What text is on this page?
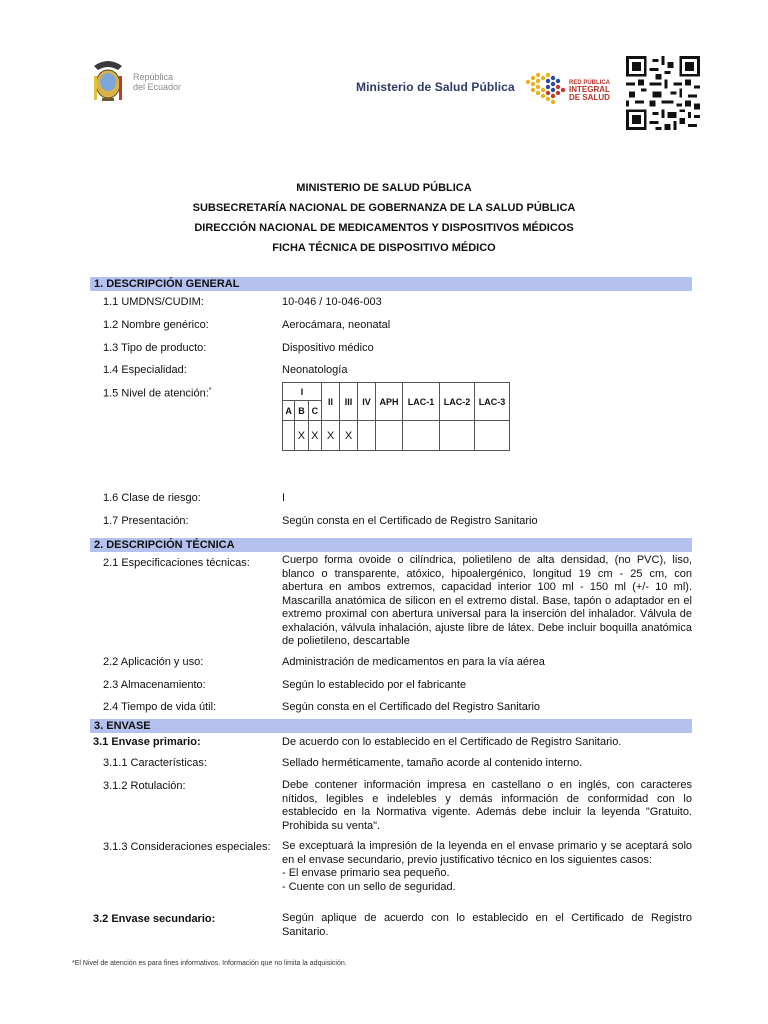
República
del Ecuador	Ministerio de Salud Pública	RED PÚBLICA
INTEGRAL
DE SALUD
MINISTERIO DE SALUD PÚBLICA
SUBSECRETARÍA NACIONAL DE GOBERNANZA DE LA SALUD PÚBLICA
DIRECCIÓN NACIONAL DE MEDICAMENTOS Y DISPOSITIVOS MÉDICOS
FICHA TÉCNICA DE DISPOSITIVO MÉDICO
1. DESCRIPCIÓN GENERAL
1.1 UMDNS/CUDIM:	10-046 / 10-046-003
1.2 Nombre genérico:	Aerocámara, neonatal
1.3 Tipo de producto:	Dispositivo médico
1.4 Especialidad:	Neonatología
1.5 Nivel de atención:*	I			II	III	IV	APH	LAC-1	LAC-2	LAC-3
A	B	C							
	X	X	X	X					
1.6 Clase de riesgo:	I
1.7 Presentación:	Según consta en el Certificado de Registro Sanitario
2. DESCRIPCIÓN TÉCNICA
2.1 Especificaciones técnicas:	Cuerpo forma ovoide o cilíndrica, polietileno de alta densidad, (no PVC), liso, blanco o transparente, atóxico, hipoalergénico, longitud 19 cm - 25 cm, con abertura en ambos extremos, capacidad interior 100 ml - 150 ml (+/- 10 ml). Mascarilla anatómica de silicon en el extremo distal. Base, tapón o adaptador en el extremo proximal con abertura universal para la inserción del inhalador. Válvula de exhalación, válvula inhalación, ajuste libre de látex. Debe incluir boquilla anatómica de polietileno, descartable
2.2 Aplicación y uso:	Administración de medicamentos en para la vía aérea
2.3 Almacenamiento:	Según lo establecido por el fabricante
2.4 Tiempo de vida útil:	Según consta en el Certificado del Registro Sanitario
3. ENVASE
3.1 Envase primario:	De acuerdo con lo establecido en el Certificado de Registro Sanitario.
3.1.1 Características:	Sellado herméticamente, tamaño acorde al contenido interno.
3.1.2 Rotulación:	Debe contener información impresa en castellano o en inglés, con caracteres nítidos, legibles e indelebles y demás información de conformidad con lo establecido en la Normativa vigente. Además debe incluir la leyenda "Gratuito. Prohibida su venta".
3.1.3 Consideraciones especiales: Se exceptuará la impresión de la leyenda en el envase primario y se aceptará solo en el envase secundario, previo justificativo técnico en los siguientes casos:
- El envase primario sea pequeño.
- Cuente con un sello de seguridad.
3.2 Envase secundario:	Según aplique de acuerdo con lo establecido en el Certificado de Registro Sanitario.
*El Nivel de atención es para fines informativos. Información que no limita la adquisición.
